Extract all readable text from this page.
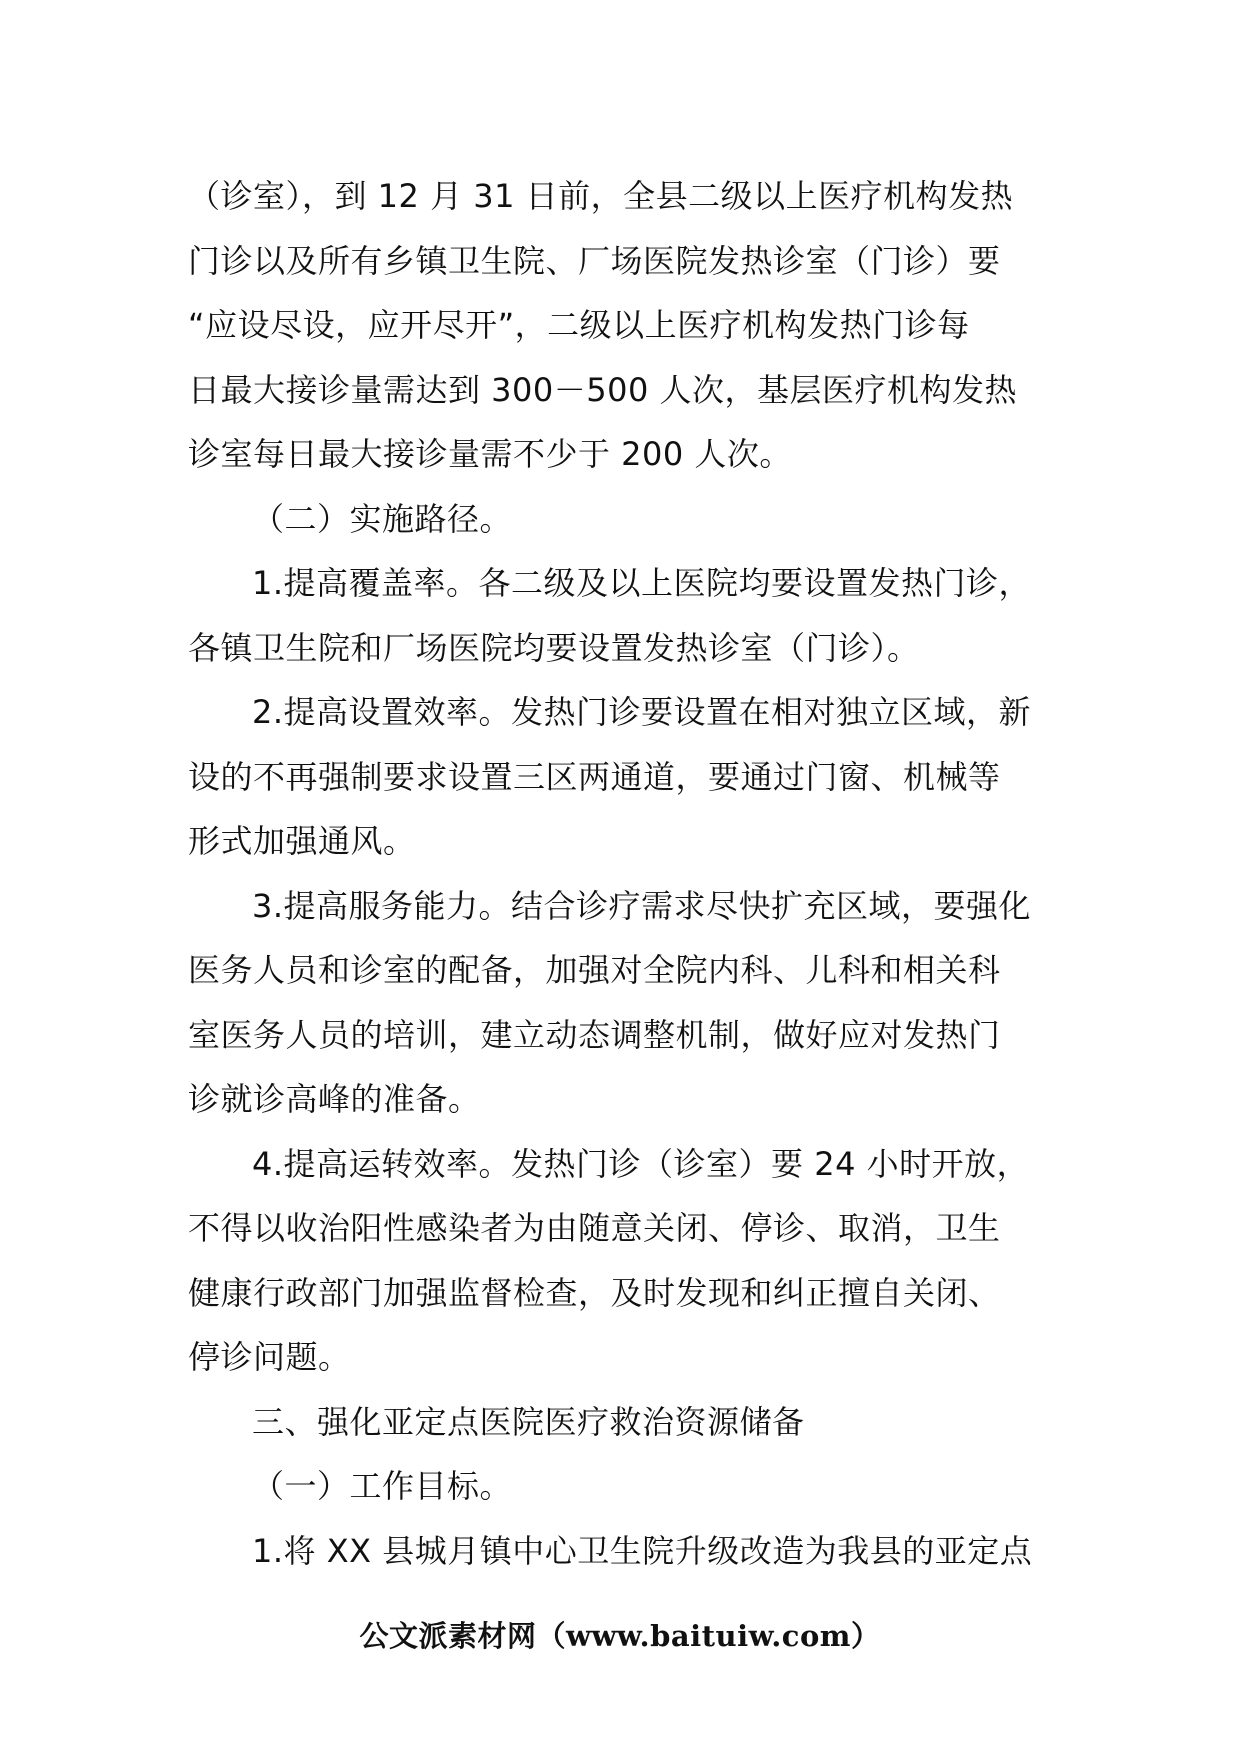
（诊室），到 12 月 31 日前，全县二级以上医疗机构发热
门诊以及所有乡镇卫生院、厂场医院发热诊室（门诊）要
“应设尽设，应开尽开”，二级以上医疗机构发热门诊每
日最大接诊量需达到 300－500 人次，基层医疗机构发热
诊室每日最大接诊量需不少于 200 人次。
（二）实施路径。
1.提高覆盖率。各二级及以上医院均要设置发热门诊，
各镇卫生院和厂场医院均要设置发热诊室（门诊）。
2.提高设置效率。发热门诊要设置在相对独立区域，新
设的不再强制要求设置三区两通道，要通过门窗、机械等
形式加强通风。
3.提高服务能力。结合诊疗需求尽快扩充区域，要强化
医务人员和诊室的配备，加强对全院内科、儿科和相关科
室医务人员的培训，建立动态调整机制，做好应对发热门
诊就诊高峰的准备。
4.提高运转效率。发热门诊（诊室）要 24 小时开放，
不得以收治阳性感染者为由随意关闭、停诊、取消，卫生
健康行政部门加强监督检查，及时发现和纠正擅自关闭、
停诊问题。
三、强化亚定点医院医疗救治资源储备
（一）工作目标。
1.将 XX 县城月镇中心卫生院升级改造为我县的亚定点
公文派素材网（www.baituiw.com）
